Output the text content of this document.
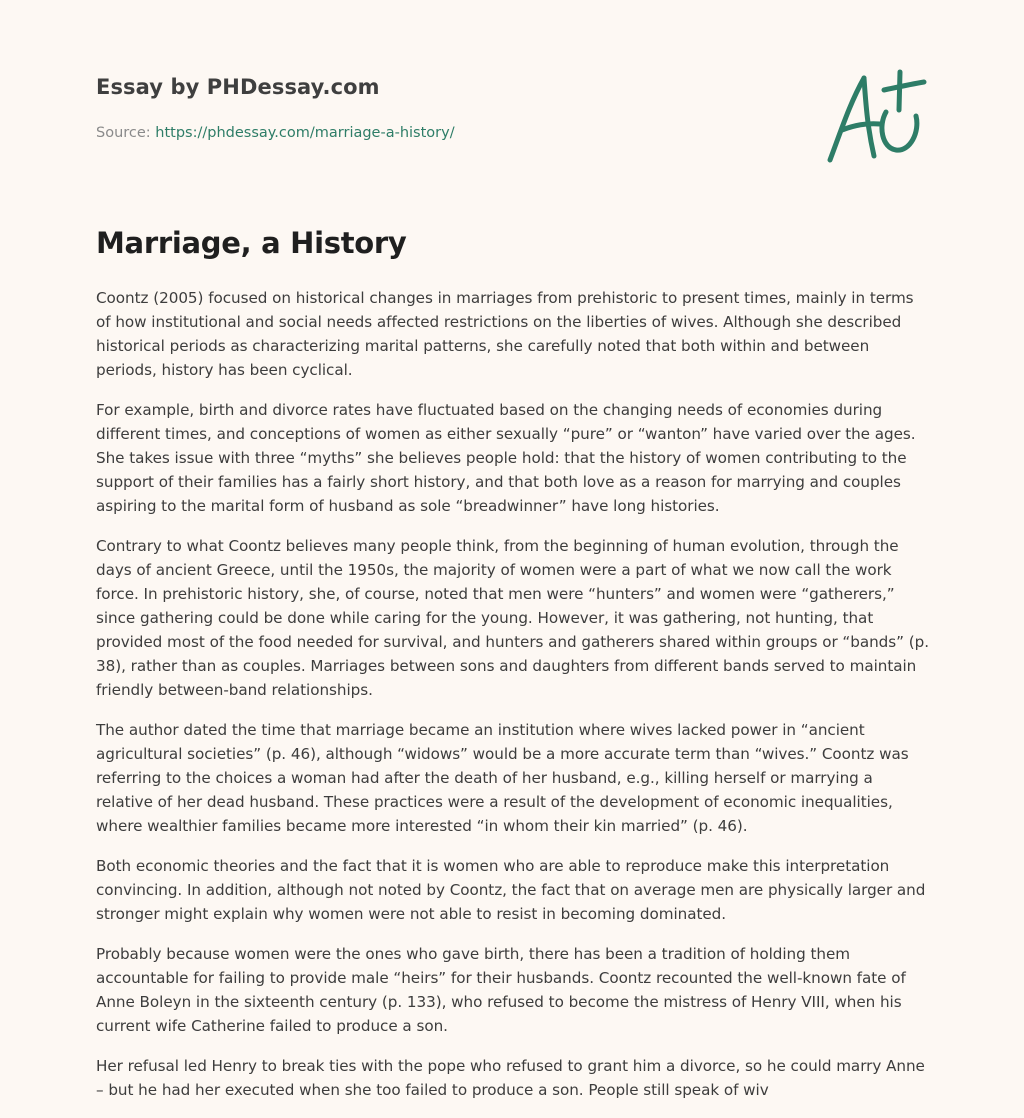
Essay by PHDessay.com
Source: https://phdessay.com/marriage-a-history/
Marriage, a History

Coontz (2005) focused on historical changes in marriages from prehistoric to present times, mainly in terms of how institutional and social needs affected restrictions on the liberties of wives. Although she described historical periods as characterizing marital patterns, she carefully noted that both within and between periods, history has been cyclical.

For example, birth and divorce rates have fluctuated based on the changing needs of economies during different times, and conceptions of women as either sexually “pure” or “wanton” have varied over the ages. She takes issue with three “myths” she believes people hold: that the history of women contributing to the support of their families has a fairly short history, and that both love as a reason for marrying and couples aspiring to the marital form of husband as sole “breadwinner” have long histories.

Contrary to what Coontz believes many people think, from the beginning of human evolution, through the days of ancient Greece, until the 1950s, the majority of women were a part of what we now call the work force. In prehistoric history, she, of course, noted that men were “hunters” and women were “gatherers,” since gathering could be done while caring for the young. However, it was gathering, not hunting, that provided most of the food needed for survival, and hunters and gatherers shared within groups or “bands” (p. 38), rather than as couples. Marriages between sons and daughters from different bands served to maintain friendly between-band relationships.

The author dated the time that marriage became an institution where wives lacked power in “ancient agricultural societies” (p. 46), although “widows” would be a more accurate term than “wives.” Coontz was referring to the choices a woman had after the death of her husband, e.g., killing herself or marrying a relative of her dead husband. These practices were a result of the development of economic inequalities, where wealthier families became more interested “in whom their kin married” (p. 46).

Both economic theories and the fact that it is women who are able to reproduce make this interpretation convincing. In addition, although not noted by Coontz, the fact that on average men are physically larger and stronger might explain why women were not able to resist in becoming dominated.

Probably because women were the ones who gave birth, there has been a tradition of holding them accountable for failing to provide male “heirs” for their husbands. Coontz recounted the well-known fate of Anne Boleyn in the sixteenth century (p. 133), who refused to become the mistress of Henry VIII, when his current wife Catherine failed to produce a son.

Her refusal led Henry to break ties with the pope who refused to grant him a divorce, so he could marry Anne – but he had her executed when she too failed to produce a son. People still speak of wiv
